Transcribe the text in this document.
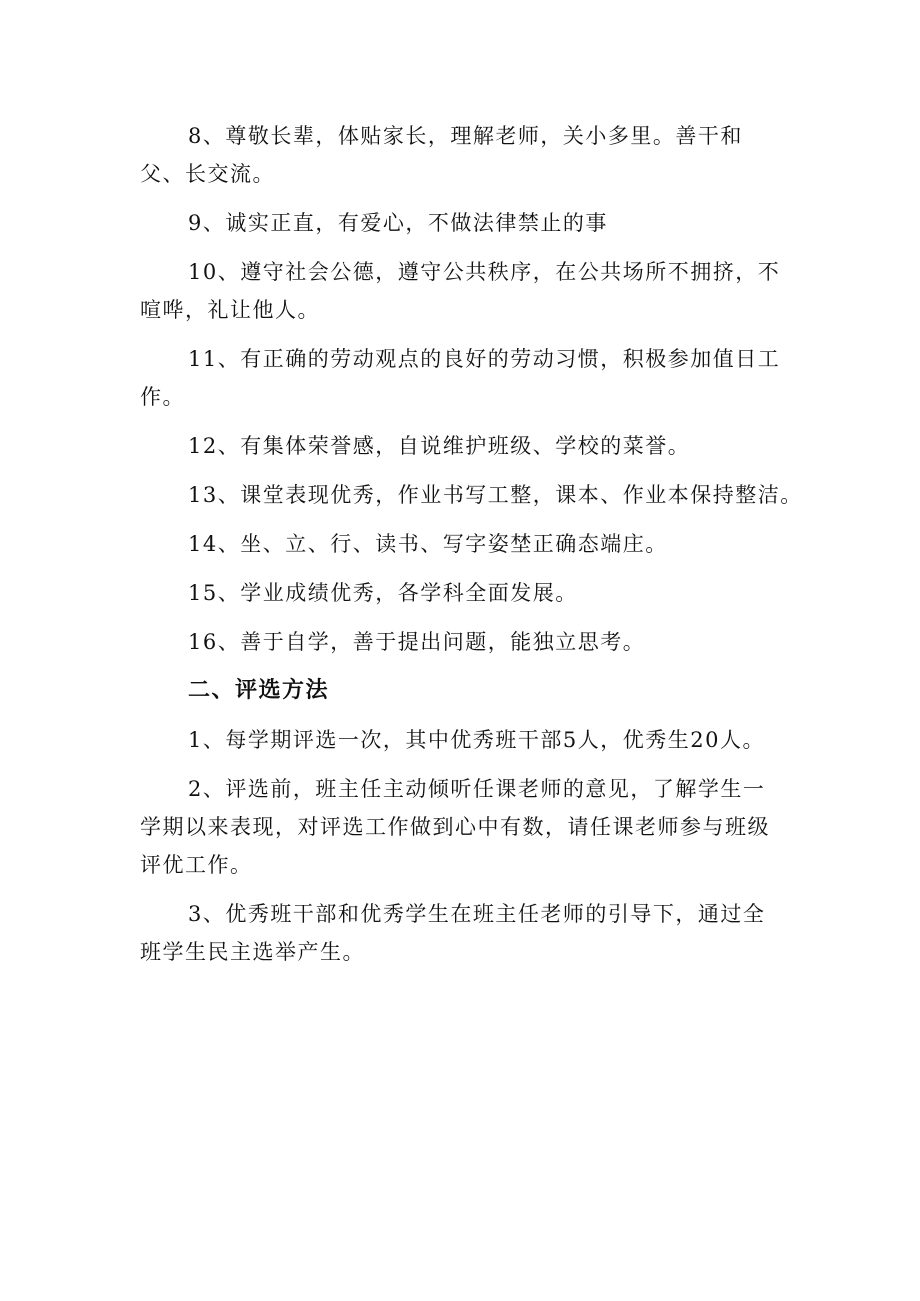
8、尊敬长辈，体贴家长，理解老师，关小多里。善干和父、长交流。

9、诚实正直，有爱心，不做法律禁止的事

10、遵守社会公德，遵守公共秩序，在公共场所不拥挤，不喧哗，礼让他人。

11、有正确的劳动观点的良好的劳动习惯，积极参加值日工作。

12、有集体荣誉感，自说维护班级、学校的菜誉。

13、课堂表现优秀，作业书写工整，课本、作业本保持整洁。

14、坐、立、行、读书、写字姿埜正确态端庄。

15、学业成绩优秀，各学科全面发展。

16、善于自学，善于提出问题，能独立思考。

二、评选方法

1、每学期评选一次，其中优秀班干部5人，优秀生20人。

2、评选前，班主任主动倾听任课老师的意见，了解学生一学期以来表现，对评选工作做到心中有数，请任课老师参与班级评优工作。

3、优秀班干部和优秀学生在班主任老师的引导下，通过全班学生民主选举产生。
